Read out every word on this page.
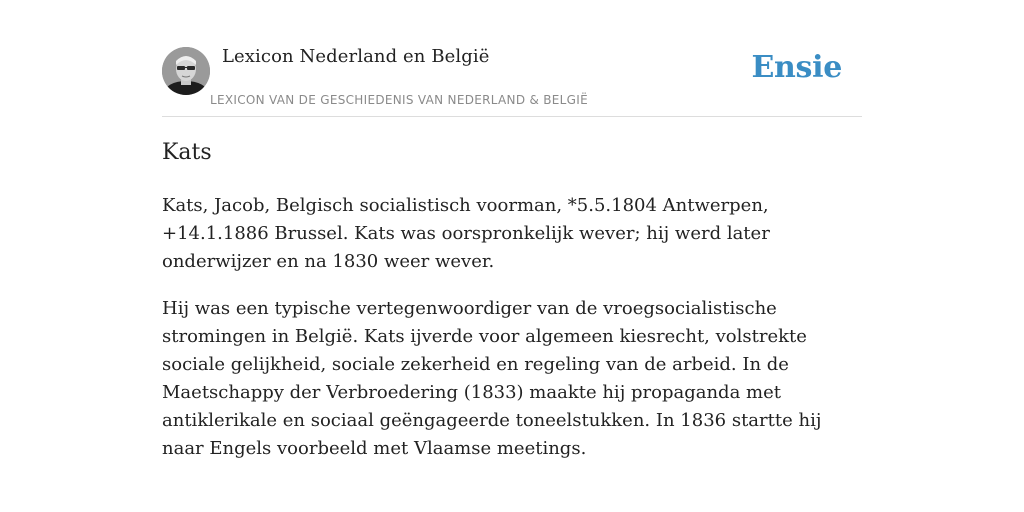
Lexicon Nederland en België
LEXICON VAN DE GESCHIEDENIS VAN NEDERLAND & BELGIË
Ensie
Kats

Kats, Jacob, Belgisch socialistisch voorman, *5.5.1804 Antwerpen, +14.1.1886 Brussel. Kats was oorspronkelijk wever; hij werd later onderwijzer en na 1830 weer wever.

Hij was een typische vertegenwoordiger van de vroegsocialistische stromingen in België. Kats ijverde voor algemeen kiesrecht, volstrekte sociale gelijkheid, sociale zekerheid en regeling van de arbeid. In de Maetschappy der Verbroedering (1833) maakte hij propaganda met antiklerikale en sociaal geëngageerde toneelstukken. In 1836 startte hij naar Engels voorbeeld met Vlaamse meetings.
